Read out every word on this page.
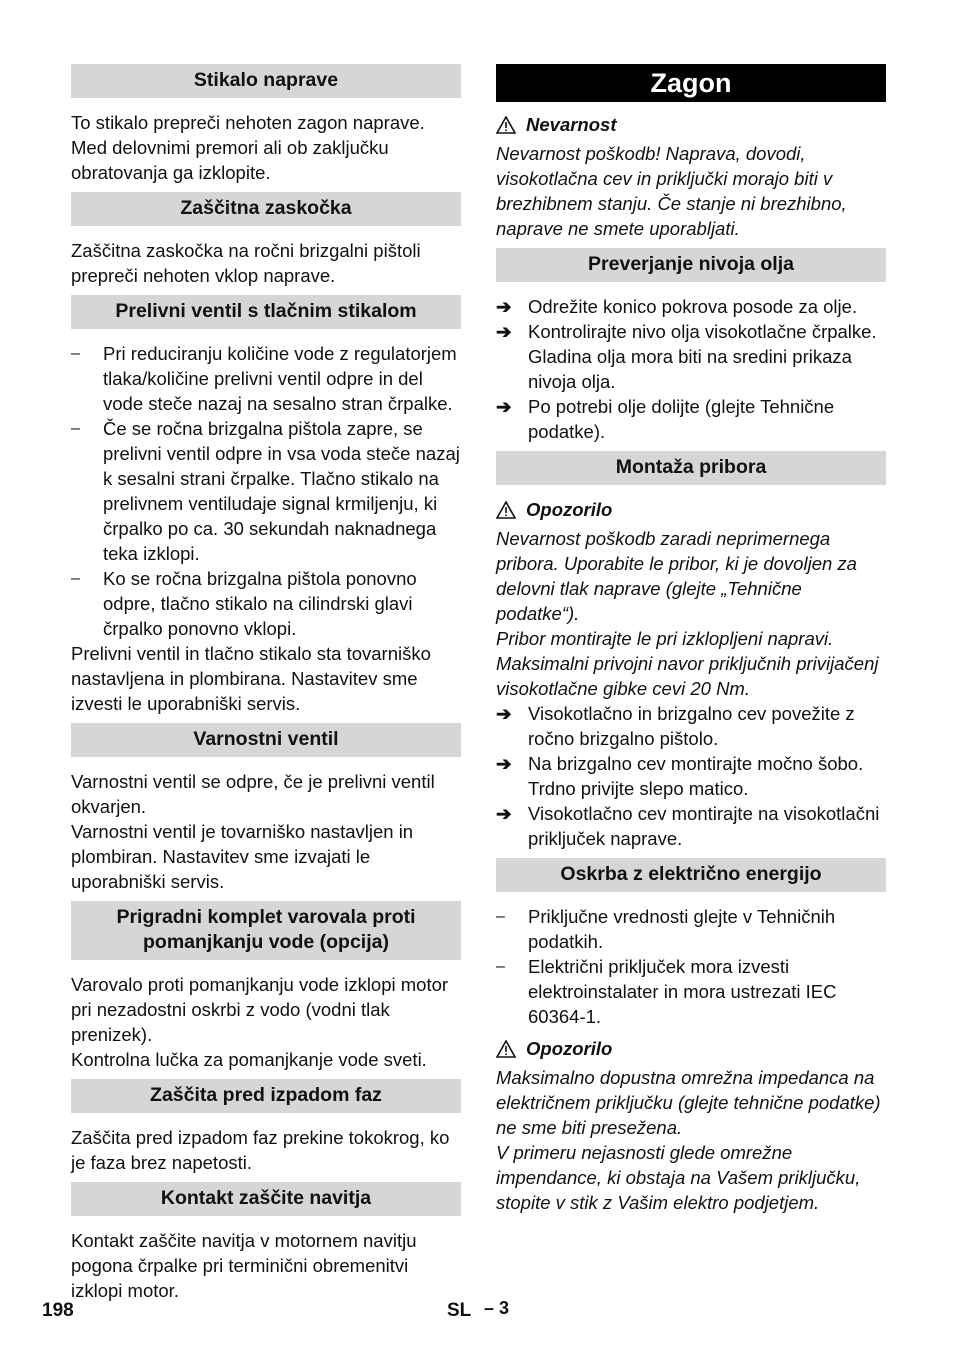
Stikalo naprave

To stikalo prepreči nehoten zagon naprave. Med delovnimi premori ali ob zaključku obratovanja ga izklopite.

Zaščitna zaskočka

Zaščitna zaskočka na ročni brizgalni pištoli prepreči nehoten vklop naprave.

Prelivni ventil s tlačnim stikalom
– Pri reduciranju količine vode z regulatorjem tlaka/količine prelivni ventil odpre in del vode steče nazaj na sesalno stran črpalke.
– Če se ročna brizgalna pištola zapre, se prelivni ventil odpre in vsa voda steče nazaj k sesalni strani črpalke. Tlačno stikalo na prelivnem ventiludaje signal krmiljenju, ki črpalko po ca. 30 sekundah naknadnega teka izklopi.
– Ko se ročna brizgalna pištola ponovno odpre, tlačno stikalo na cilindrski glavi črpalko ponovno vklopi.

Prelivni ventil in tlačno stikalo sta tovarniško nastavljena in plombirana. Nastavitev sme izvesti le uporabniški servis.

Varnostni ventil

Varnostni ventil se odpre, če je prelivni ventil okvarjen.

Varnostni ventil je tovarniško nastavljen in plombiran. Nastavitev sme izvajati le uporabniški servis.

Prigradni komplet varovala proti pomanjkanju vode (opcija)

Varovalo proti pomanjkanju vode izklopi motor pri nezadostni oskrbi z vodo (vodni tlak prenizek).

Kontrolna lučka za pomanjkanje vode sveti.

Zaščita pred izpadom faz

Zaščita pred izpadom faz prekine tokokrog, ko je faza brez napetosti.

Kontakt zaščite navitja

Kontakt zaščite navitja v motornem navitju pogona črpalke pri terminični obremenitvi izklopi motor.

Zagon
Nevarnost

Nevarnost poškodb! Naprava, dovodi, visokotlačna cev in priključki morajo biti v brezhibnem stanju. Če stanje ni brezhibno, naprave ne smete uporabljati.

Preverjanje nivoja olja
➔ Odrežite konico pokrova posode za olje.
➔ Kontrolirajte nivo olja visokotlačne črpalke.
Gladina olja mora biti na sredini prikaza nivoja olja.
➔ Po potrebi olje dolijte (glejte Tehnične podatke).
Montaža pribora
Opozorilo

Nevarnost poškodb zaradi neprimernega pribora. Uporabite le pribor, ki je dovoljen za delovni tlak naprave (glejte „Tehnične podatke“).

Pribor montirajte le pri izklopljeni napravi.

Maksimalni privojni navor priključnih privijačenj visokotlačne gibke cevi 20 Nm.

➔ Visokotlačno in brizgalno cev povežite z ročno brizgalno pištolo.
➔ Na brizgalno cev montirajte močno šobo. Trdno privijte slepo matico.
➔ Visokotlačno cev montirajte na visokotlačni priključek naprave.
Oskrba z električno energijo
– Priključne vrednosti glejte v Tehničnih podatkih.
– Električni priključek mora izvesti elektroinstalater in mora ustrezati IEC 60364-1.
Opozorilo

Maksimalno dopustna omrežna impedanca na električnem priključku (glejte tehnične podatke) ne sme biti presežena.

V primeru nejasnosti glede omrežne impendance, ki obstaja na Vašem priključku, stopite v stik z Vašim elektro podjetjem.

198	SL – 3
